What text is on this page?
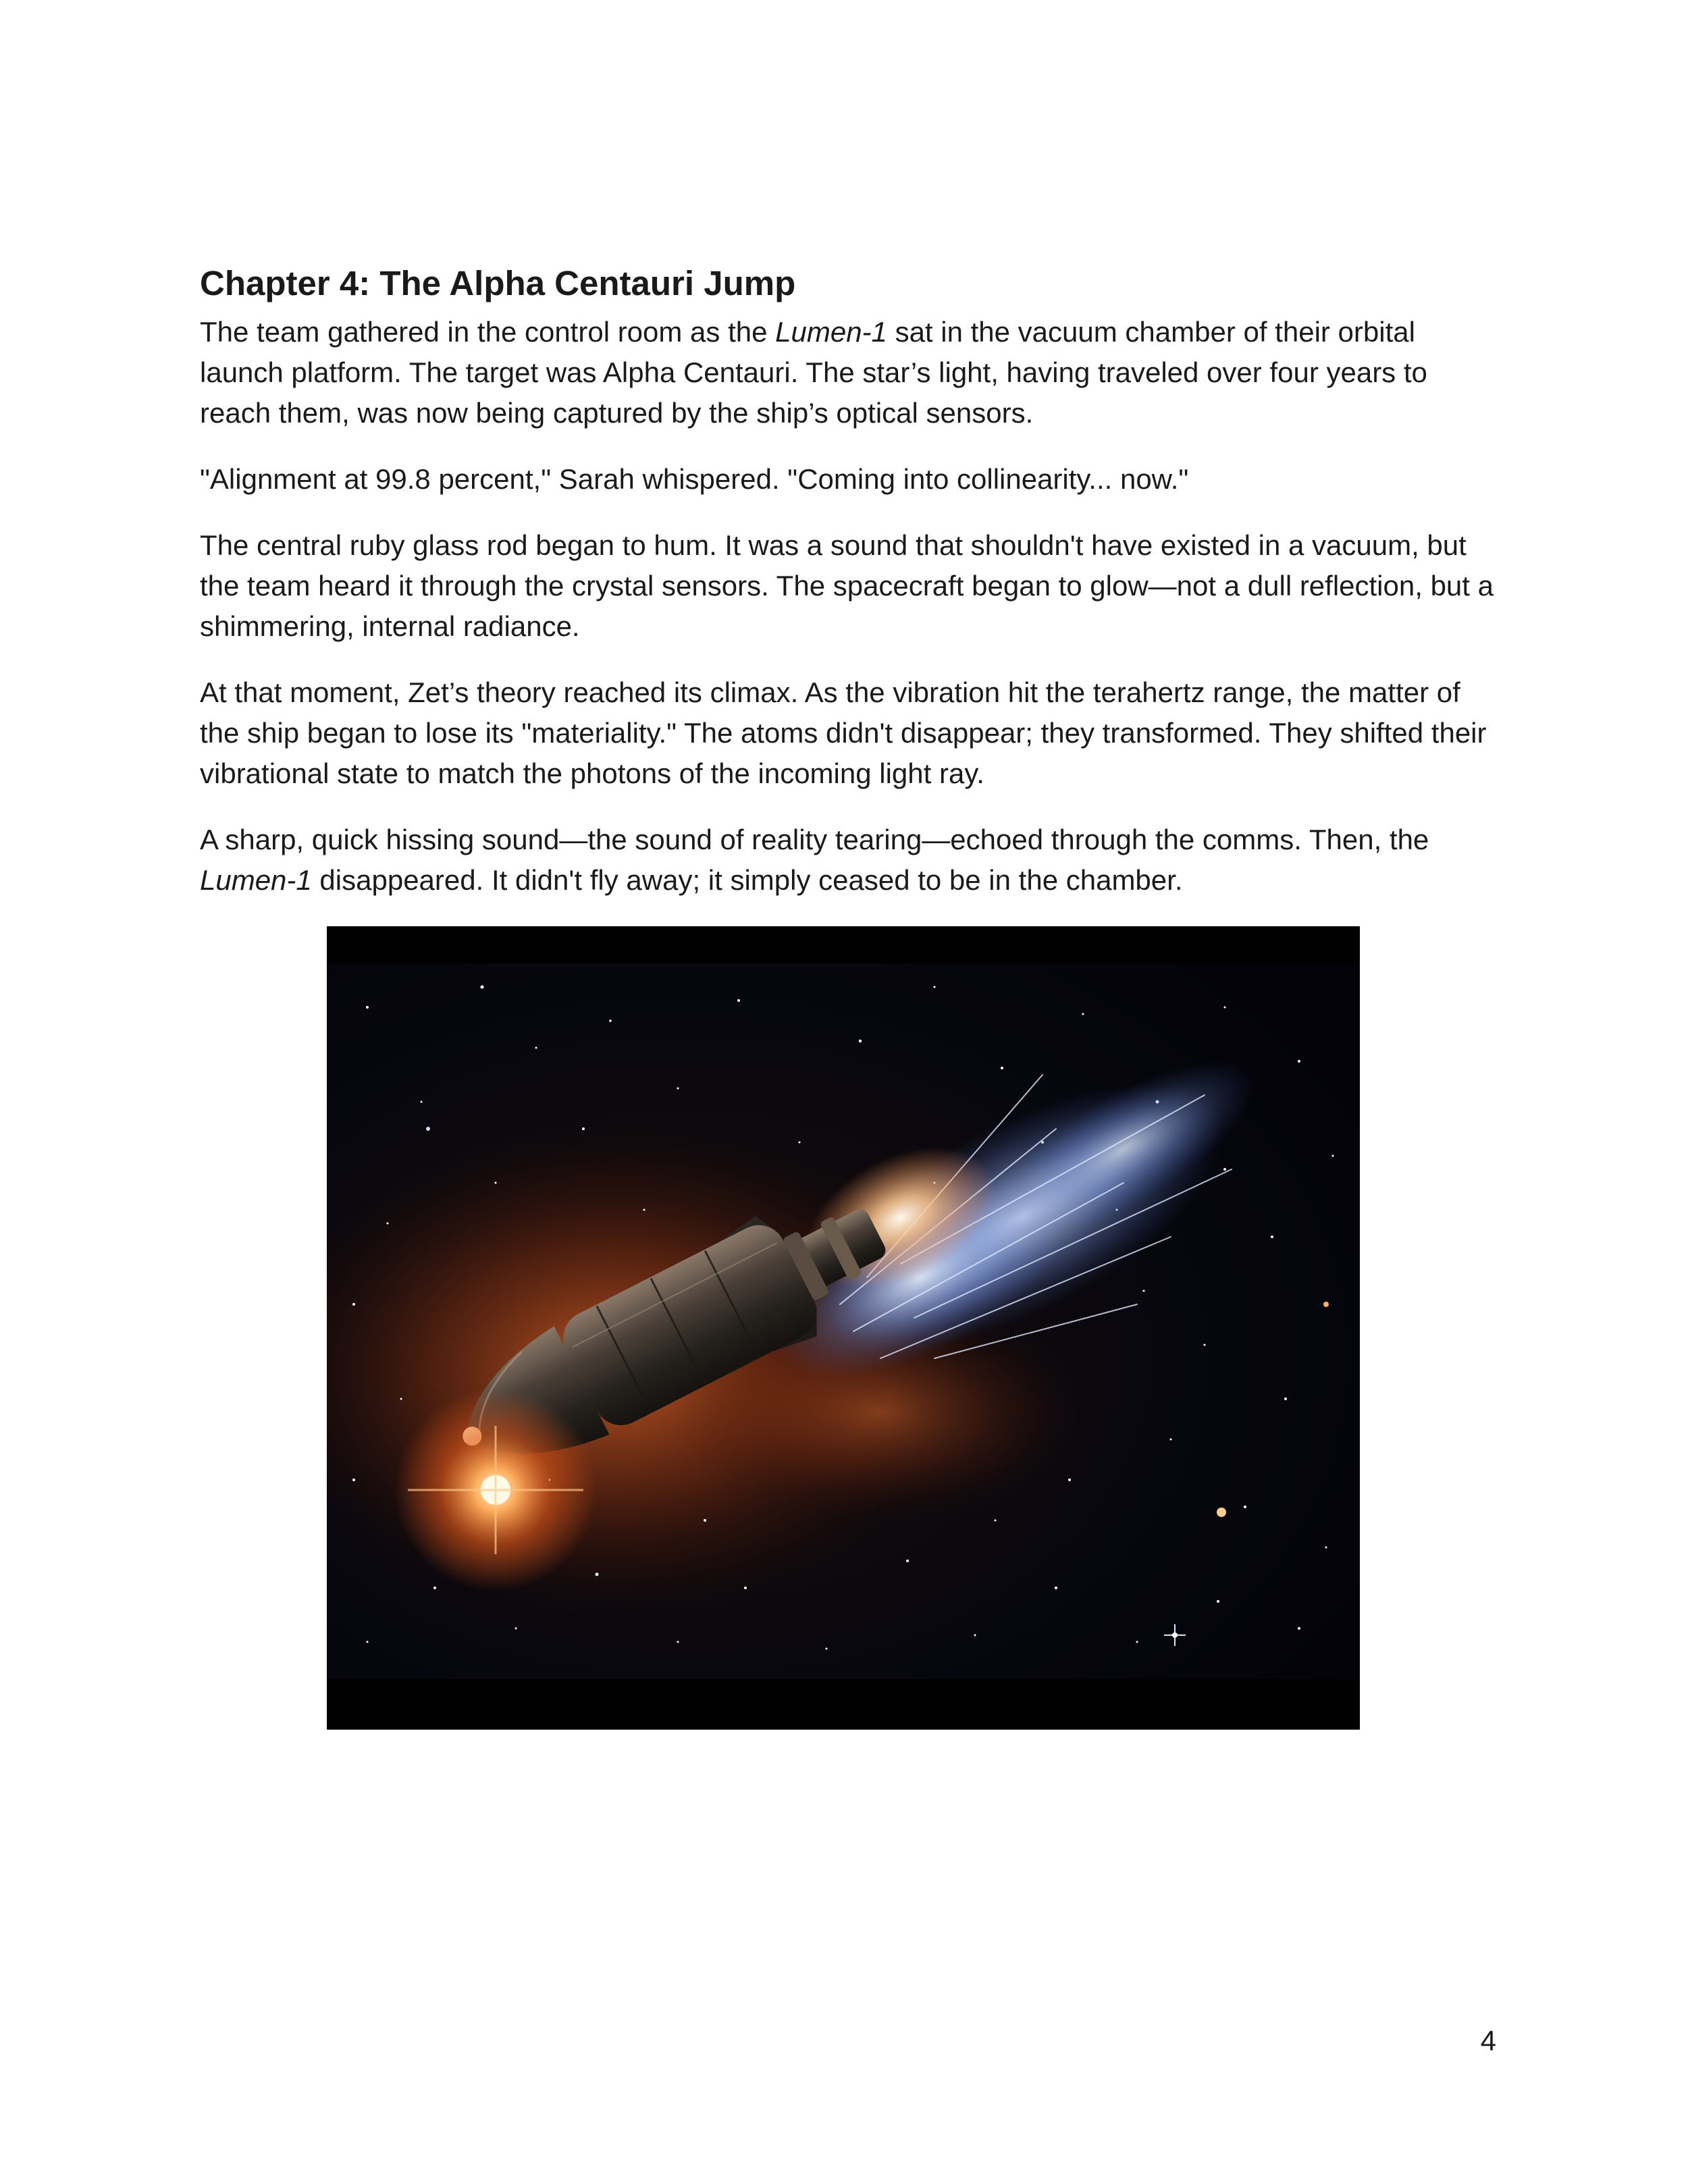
Chapter 4: The Alpha Centauri Jump

The team gathered in the control room as the Lumen-1 sat in the vacuum chamber of their orbital launch platform. The target was Alpha Centauri. The star’s light, having traveled over four years to reach them, was now being captured by the ship’s optical sensors.

"Alignment at 99.8 percent," Sarah whispered. "Coming into collinearity... now."

The central ruby glass rod began to hum. It was a sound that shouldn't have existed in a vacuum, but the team heard it through the crystal sensors. The spacecraft began to glow—not a dull reflection, but a shimmering, internal radiance.

At that moment, Zet’s theory reached its climax. As the vibration hit the terahertz range, the matter of the ship began to lose its "materiality." The atoms didn't disappear; they transformed. They shifted their vibrational state to match the photons of the incoming light ray.

A sharp, quick hissing sound—the sound of reality tearing—echoed through the comms. Then, the Lumen-1 disappeared. It didn't fly away; it simply ceased to be in the chamber.

4
